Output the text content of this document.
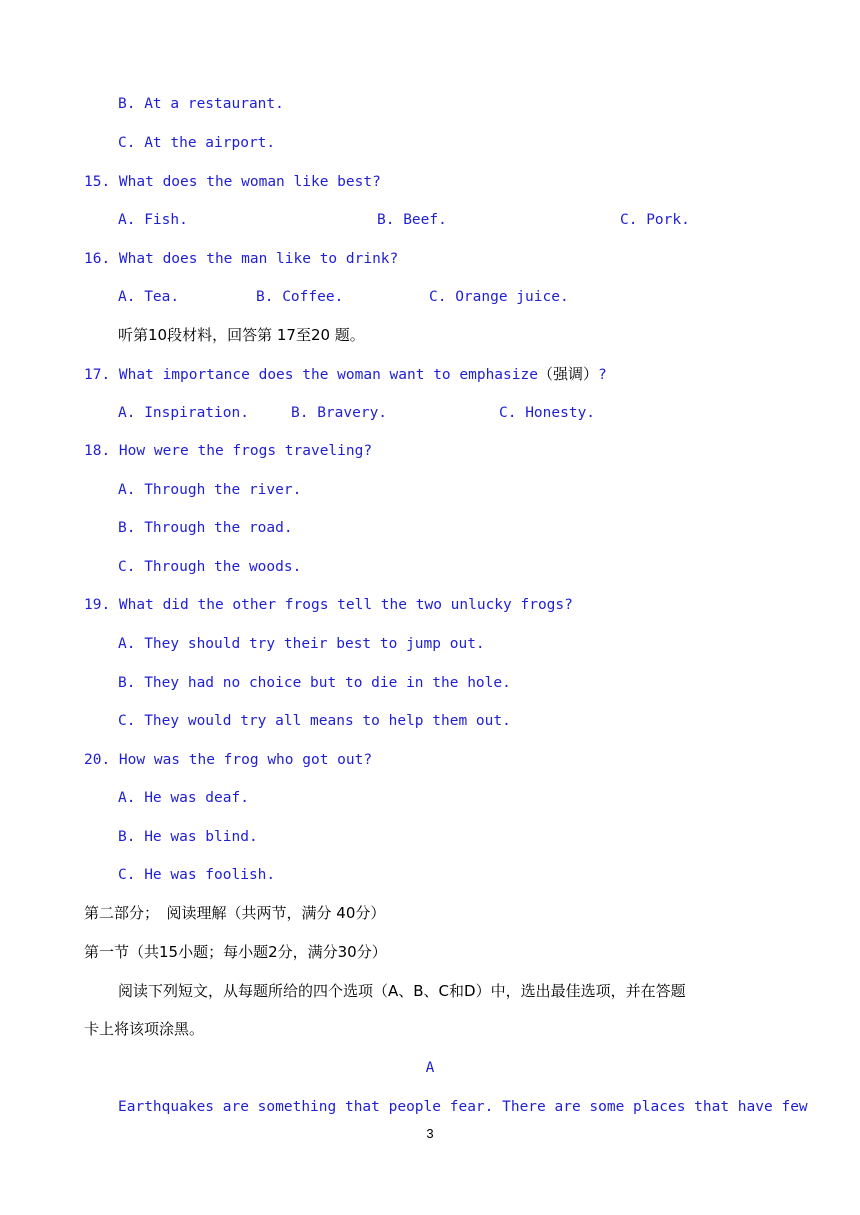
B. At a restaurant.
C. At the airport.
15. What does the woman like best?
A. Fish.	B. Beef.	C. Pork.
16. What does the man like to drink?
A. Tea.	B. Coffee.	C. Orange juice.
听第10段材料，回答第 17至20 题。
17. What importance does the woman want to emphasize（强调）?
A. Inspiration.	B. Bravery.	C. Honesty.
18. How were the frogs traveling?
A. Through the river.
B. Through the road.
C. Through the woods.
19. What did the other frogs tell the two unlucky frogs?
A. They should try their best to jump out.
B. They had no choice but to die in the hole.
C. They would try all means to help them out.
20. How was the frog who got out?
A. He was deaf.
B. He was blind.
C. He was foolish.
第二部分；　阅读理解（共两节，满分 40分）
第一节（共15小题；每小题2分，满分30分）
阅读下列短文，从每题所给的四个选项（A、B、C和D）中，选出最佳选项，并在答题
卡上将该项涂黑。
A
Earthquakes are something that people fear. There are some places that have few
3
